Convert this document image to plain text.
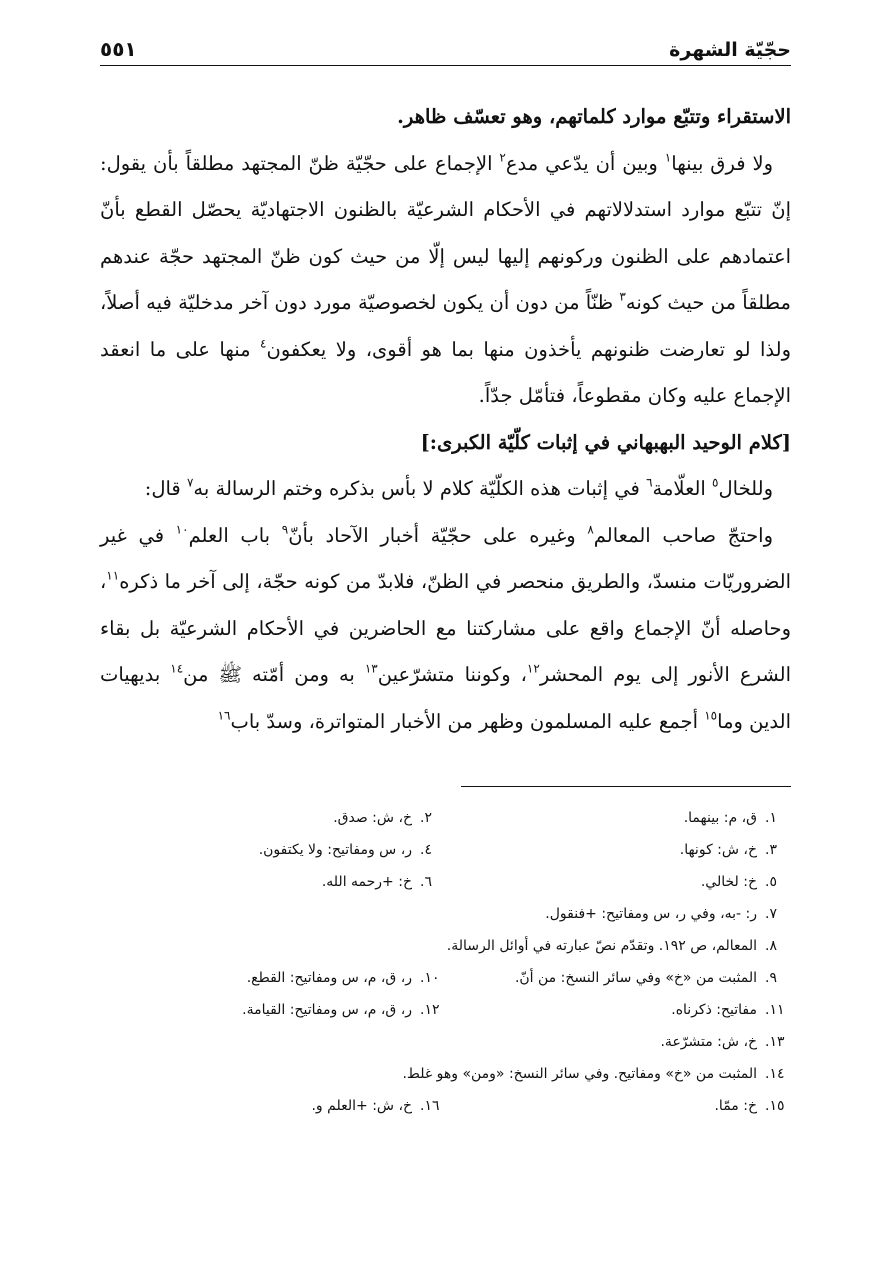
حجّيّة الشهرة
٥٥١

الاستقراء وتتبّع موارد كلماتهم، وهو تعسّف ظاهر.

ولا فرق بينها$^١$ وبين أن يدّعي مدع$^٢$ الإجماع على حجّيّة ظنّ المجتهد مطلقاً بأن يقول: إنّ تتبّع موارد استدلالاتهم في الأحكام الشرعيّة بالظنون الاجتهاديّة يحصّل القطع بأنّ اعتمادهم على الظنون وركونهم إليها ليس إلّا من حيث كون ظنّ المجتهد حجّة عندهم مطلقاً من حيث كونه$^٣$ ظنّاً من دون أن يكون لخصوصيّة مورد دون آخر مدخليّة فيه أصلاً، ولذا لو تعارضت ظنونهم يأخذون منها بما هو أقوى، ولا يعكفون$^٤$ منها على ما انعقد الإجماع عليه وكان مقطوعاً، فتأمّل جدّاً.

[كلام الوحيد البهبهاني في إثبات كلّيّة الكبرى:]

وللخال$^٥$ العلّامة$^٦$ في إثبات هذه الكلّيّة كلام لا بأس بذكره وختم الرسالة به$^٧$ قال:

واحتجّ صاحب المعالم$^٨$ وغيره على حجّيّة أخبار الآحاد بأنّ$^٩$ باب العلم$^{١٠}$ في غير الضروريّات منسدّ، والطريق منحصر في الظنّ، فلابدّ من كونه حجّة، إلى آخر ما ذكره$^{١١}$، وحاصله أنّ الإجماع واقع على مشاركتنا مع الحاضرين في الأحكام الشرعيّة بل بقاء الشرع الأنور إلى يوم المحشر$^{١٢}$، وكوننا متشرّعين$^{١٣}$ به ومن أمّته ﷺ من$^{١٤}$ بديهيات الدين وما$^{١٥}$ أجمع عليه المسلمون وظهر من الأخبار المتواترة، وسدّ باب$^{١٦}$

١.ق، م: بينهما.
٢.خ، ش: صدق.
٣.خ، ش: كونها.
٤.ر، س ومفاتيح: ولا يكتفون.
٥.خ: لخالي.
٦.خ: +رحمه الله.
٧.ر: -به، وفي ر، س ومفاتيح: +فنقول.
٨.المعالم، ص ١٩٢. وتقدّم نصّ عبارته في أوائل الرسالة.
٩.المثبت من «خ» وفي سائر النسخ: من أنّ.
١٠.ر، ق، م، س ومفاتيح: القطع.
١١.مفاتيح: ذكرناه.
١٢.ر، ق، م، س ومفاتيح: القيامة.
١٣.خ، ش: متشرّعة.
١٤.المثبت من «خ» ومفاتيح. وفي سائر النسخ: «ومن» وهو غلط.
١٥.خ: ممّا.
١٦.خ، ش: +العلم و.
